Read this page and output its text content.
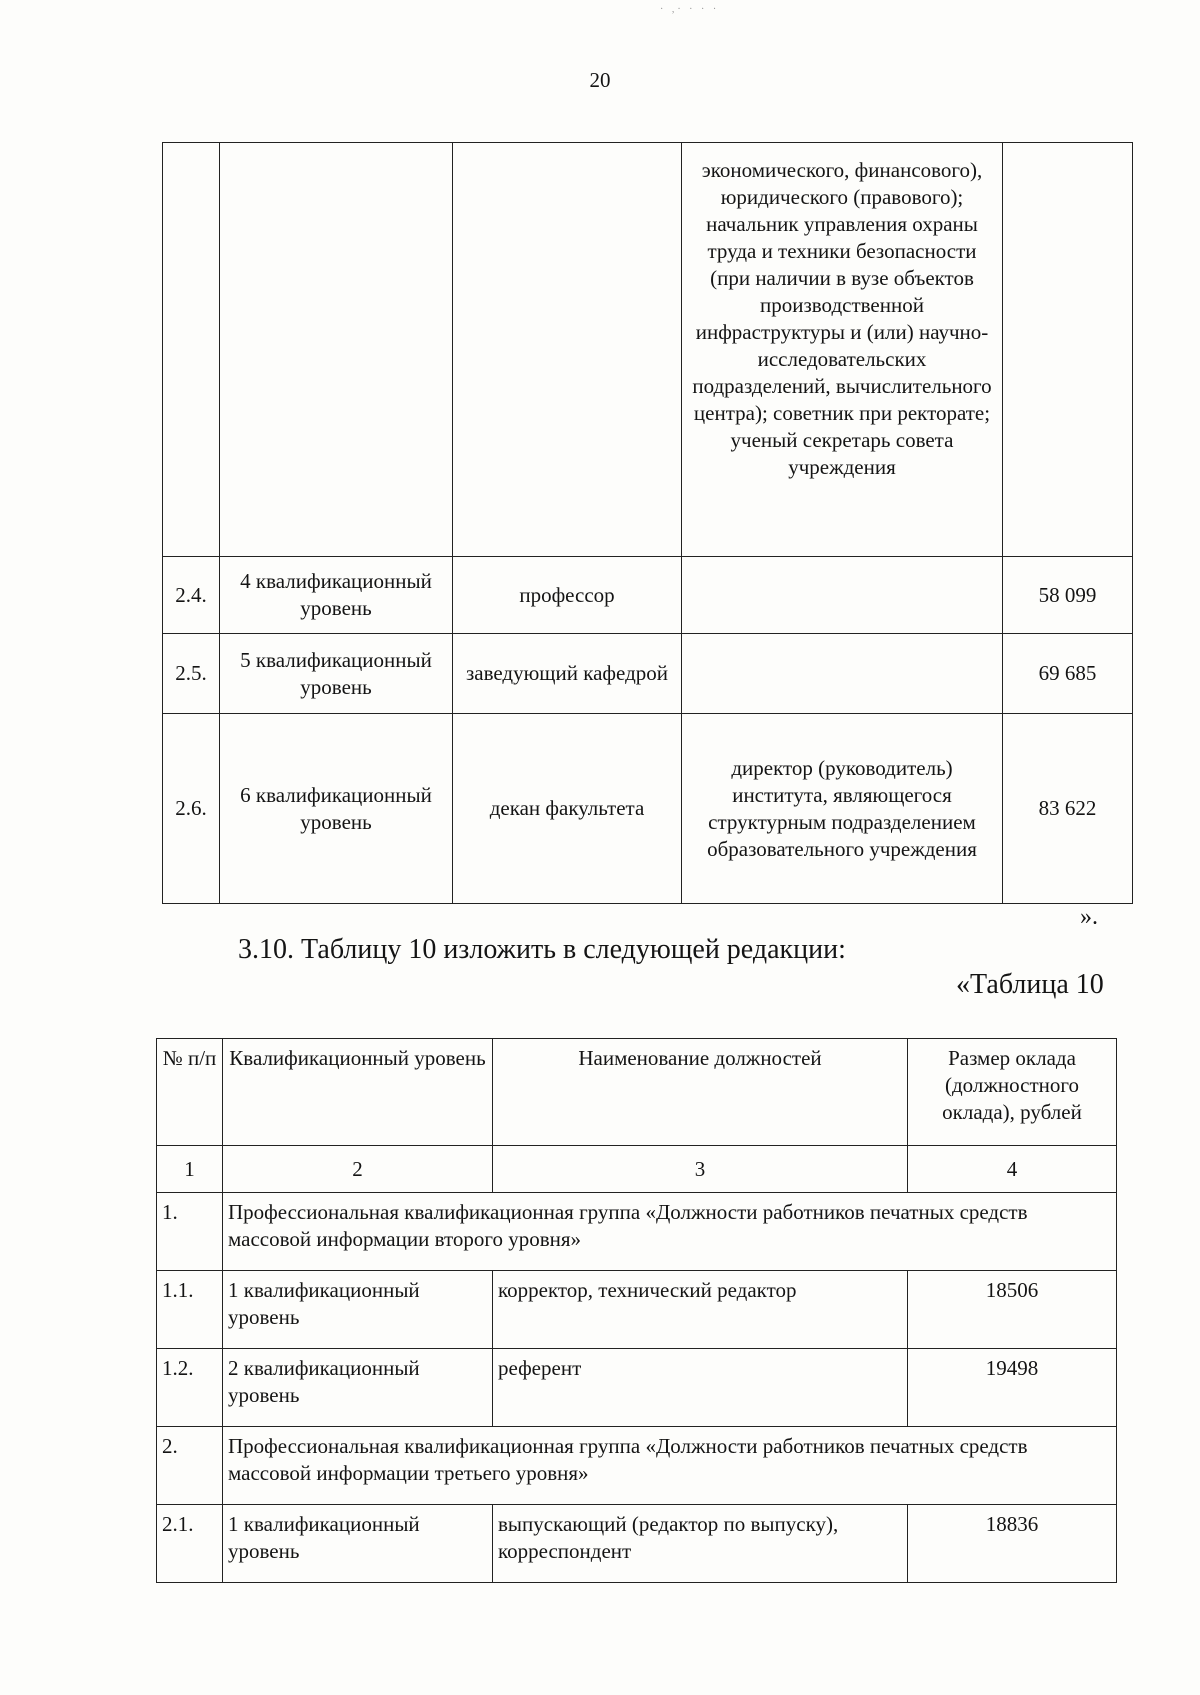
· ,· · · ·
20
			экономического, финансового), юридического (правового); начальник управления охраны труда и техники безопасности (при наличии в вузе объектов производственной инфраструктуры и (или) научно-исследовательских подразделений, вычислительного центра); советник при ректорате; ученый секретарь совета учреждения	
2.4.	4 квалификационный уровень	профессор		58 099
2.5.	5 квалификационный уровень	заведующий кафедрой		69 685
2.6.	6 квалификационный уровень	декан факультета	директор (руководитель) института, являющегося структурным подразделением образовательного учреждения	83 622
».
3.10. Таблицу 10 изложить в следующей редакции:
«Таблица 10
№ п/п	Квалификационный уровень	Наименование должностей	Размер оклада (должностного оклада), рублей
1	2	3	4
1.	Профессиональная квалификационная группа «Должности работников печатных средств массовой информации второго уровня»		
1.1.	1 квалификационный уровень	корректор, технический редактор	18506
1.2.	2 квалификационный уровень	референт	19498
2.	Профессиональная квалификационная группа «Должности работников печатных средств массовой информации третьего уровня»		
2.1.	1 квалификационный уровень	выпускающий (редактор по выпуску), корреспондент	18836
